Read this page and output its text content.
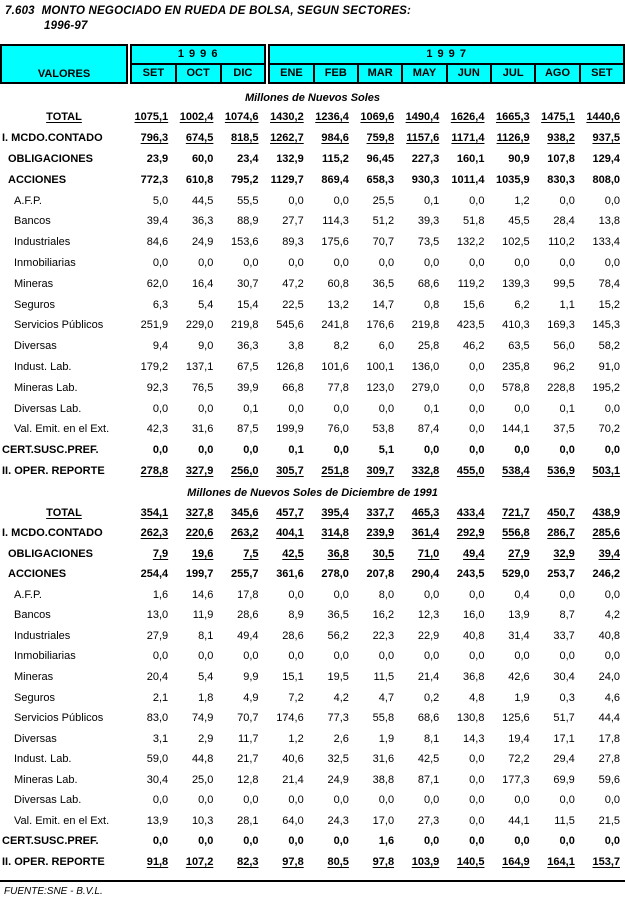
7.603  MONTO NEGOCIADO EN RUEDA DE BOLSA, SEGUN SECTORES:
1996-97
VALORES
1 9 9 6
SET	OCT	DIC
1 9 9 7
ENE	FEB	MAR	MAY	JUN	JUL	AGO	SET
Millones de Nuevos Soles
TOTAL	1075,1	1002,4	1074,6	1430,2	1236,4	1069,6	1490,4	1626,4	1665,3	1475,1	1440,6
I. MCDO.CONTADO	796,3	674,5	818,5	1262,7	984,6	759,8	1157,6	1171,4	1126,9	938,2	937,5
OBLIGACIONES	23,9	60,0	23,4	132,9	115,2	96,45	227,3	160,1	90,9	107,8	129,4
ACCIONES	772,3	610,8	795,2	1129,7	869,4	658,3	930,3	1011,4	1035,9	830,3	808,0
A.F.P.	5,0	44,5	55,5	0,0	0,0	25,5	0,1	0,0	1,2	0,0	0,0
Bancos	39,4	36,3	88,9	27,7	114,3	51,2	39,3	51,8	45,5	28,4	13,8
Industriales	84,6	24,9	153,6	89,3	175,6	70,7	73,5	132,2	102,5	110,2	133,4
Inmobiliarias	0,0	0,0	0,0	0,0	0,0	0,0	0,0	0,0	0,0	0,0	0,0
Mineras	62,0	16,4	30,7	47,2	60,8	36,5	68,6	119,2	139,3	99,5	78,4
Seguros	6,3	5,4	15,4	22,5	13,2	14,7	0,8	15,6	6,2	1,1	15,2
Servicios Públicos	251,9	229,0	219,8	545,6	241,8	176,6	219,8	423,5	410,3	169,3	145,3
Diversas	9,4	9,0	36,3	3,8	8,2	6,0	25,8	46,2	63,5	56,0	58,2
Indust. Lab.	179,2	137,1	67,5	126,8	101,6	100,1	136,0	0,0	235,8	96,2	91,0
Mineras Lab.	92,3	76,5	39,9	66,8	77,8	123,0	279,0	0,0	578,8	228,8	195,2
Diversas Lab.	0,0	0,0	0,1	0,0	0,0	0,0	0,1	0,0	0,0	0,1	0,0
Val. Emit. en el Ext.	42,3	31,6	87,5	199,9	76,0	53,8	87,4	0,0	144,1	37,5	70,2
CERT.SUSC.PREF.	0,0	0,0	0,0	0,1	0,0	5,1	0,0	0,0	0,0	0,0	0,0
II. OPER. REPORTE	278,8	327,9	256,0	305,7	251,8	309,7	332,8	455,0	538,4	536,9	503,1
Millones de Nuevos Soles de Diciembre de 1991
TOTAL	354,1	327,8	345,6	457,7	395,4	337,7	465,3	433,4	721,7	450,7	438,9
I. MCDO.CONTADO	262,3	220,6	263,2	404,1	314,8	239,9	361,4	292,9	556,8	286,7	285,6
OBLIGACIONES	7,9	19,6	7,5	42,5	36,8	30,5	71,0	49,4	27,9	32,9	39,4
ACCIONES	254,4	199,7	255,7	361,6	278,0	207,8	290,4	243,5	529,0	253,7	246,2
A.F.P.	1,6	14,6	17,8	0,0	0,0	8,0	0,0	0,0	0,4	0,0	0,0
Bancos	13,0	11,9	28,6	8,9	36,5	16,2	12,3	16,0	13,9	8,7	4,2
Industriales	27,9	8,1	49,4	28,6	56,2	22,3	22,9	40,8	31,4	33,7	40,8
Inmobiliarias	0,0	0,0	0,0	0,0	0,0	0,0	0,0	0,0	0,0	0,0	0,0
Mineras	20,4	5,4	9,9	15,1	19,5	11,5	21,4	36,8	42,6	30,4	24,0
Seguros	2,1	1,8	4,9	7,2	4,2	4,7	0,2	4,8	1,9	0,3	4,6
Servicios Públicos	83,0	74,9	70,7	174,6	77,3	55,8	68,6	130,8	125,6	51,7	44,4
Diversas	3,1	2,9	11,7	1,2	2,6	1,9	8,1	14,3	19,4	17,1	17,8
Indust. Lab.	59,0	44,8	21,7	40,6	32,5	31,6	42,5	0,0	72,2	29,4	27,8
Mineras Lab.	30,4	25,0	12,8	21,4	24,9	38,8	87,1	0,0	177,3	69,9	59,6
Diversas Lab.	0,0	0,0	0,0	0,0	0,0	0,0	0,0	0,0	0,0	0,0	0,0
Val. Emit. en el Ext.	13,9	10,3	28,1	64,0	24,3	17,0	27,3	0,0	44,1	11,5	21,5
CERT.SUSC.PREF.	0,0	0,0	0,0	0,0	0,0	1,6	0,0	0,0	0,0	0,0	0,0
II. OPER. REPORTE	91,8	107,2	82,3	97,8	80,5	97,8	103,9	140,5	164,9	164,1	153,7
FUENTE:SNE - B.V.L.
